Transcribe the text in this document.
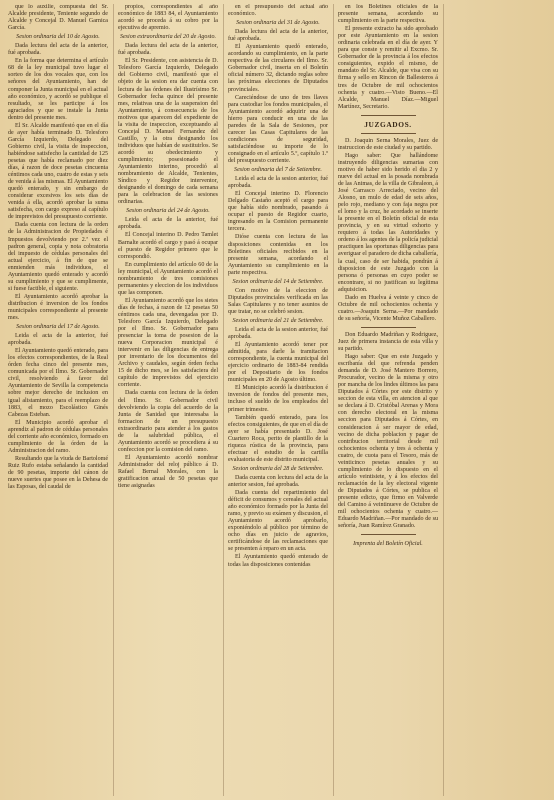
que lo auxilie, compuesta del Sr. Alcalde presidente, Teniente segundo de Alcalde y Concejal D. Manuel Garnica García.
Sesion ordinaria del 10 de Agosto.
Dada lectura del acta de la anterior, fué aprobada.
En la forma que determina el artículo 68 de la ley municipal tuvo lugar el sorteo de los dos vocales que, con los señores del Ayuntamiento, han de componer la Junta municipal en el actual año económico, y acordó se publique el resultado, se les participe á los agraciados y que se instale la Junta dentro del presente mes.
El Sr. Alcalde manifestó que en el día de ayer había terminado D. Telesforo García Izquierdo, Delegado del Gobierno civil, la visita de inspeccion, habiéndose satisfecho la cantidad de 125 pesetas que había reclamado por diez días, á razon de doce pesetas cincuenta céntimos cada uno, cuatro de estas y seis de venida á las mismas. El Ayuntamiento quedó enterado, y sin embargo de considerar excesivos los seis días de venida á ella, acordó aprobar la suma satisfecha, con cargo expreso al capítulo de imprevistos del presupuesto corriente.
Dada cuenta con lectura de la orden de la Administracion de Propiedades é Impuestos devolviendo por 2.ª vez el padron general, copia y nota cobratoria del impuesto de cédulas personales del actual ejercicio, á fin de que se enmienden más individuos, el Ayuntamiento quedó enterado y acordó su cumplimiento y que se cumplimente, si fuese factible, el siguiente.
El Ayuntamiento acordó aprobar la distribucion é inversion de los fondos municipales correspondiente al presente mes.
Sesion ordinaria del 17 de Agosto.
Leida el acta de la anterior, fué aprobada.
El Ayuntamiento quedó enterado, para los efectos correspondientes, de la Real órden fecha cinco del presente mes, comunicada por el Ilmo. Sr. Gobernador civil, resolviendo á favor del Ayuntamiento de Sevilla la competencia sobre mejor derecho de inclusion en igual alistamiento, para el reemplazo de 1883, el mozo Escolástico Ginés Cabezas Esteban.
El Municipio acordó aprobar el aprendiz al padron de cédulas personales del corriente año económico, formado en cumplimiento de la órden de la Administracion del ramo.
Resultando que la viuda de Bartolomé Ruiz Rufo estaba señalando la cantidad de 90 pesetas, importe del cánon de nueve suertes que posee en la Dehesa de las Esposas, del caudal de
propios, correspondientes al año económico de 1883 84, el Ayuntamiento acordó se proceda á su cobro por la ejecutiva de apremio.
Sesion extraordinaria del 20 de Agosto.
Dada lectura del acta de la anterior, fué aprobada.
El Sr. Presidente, con asistencia de D. Telesforo García Izquierdo, Delegado del Gobierno civil, manifestó que el objeto de la sesion era dar cuenta con lectura de las órdenes del Ilustrísimo Sr. Gobernador fecha quince del presente mes, relativas una de la suspension del Ayuntamiento, á consecuencia de los motivos que aparecen del expediente de la visita de inspeccion, exceptuando al Concejal D. Manuel Fernandez del Castillo, y la otra designando los individuos que habían de sustituirlos. Se acordó su obedecimiento y cumplimiento; posesionado el Ayuntamiento interino, procedió al nombramiento de Alcalde, Tenientes, Síndico y Regidor interventor, designando el domingo de cada semana para la celebracion de las sesiones ordinarias.
Sesion ordinaria del 24 de Agosto.
Leida el acta de la anterior, fué aprobada.
El Concejal interino D. Pedro Tamlet Barnalte acordó el cargo y pasó á ocupar el puesto de Regidor primero que le correspondió.
En cumplimiento del artículo 60 de la ley municipal, el Ayuntamiento acordó el nombramiento de tres comisiones permanentes y eleccion de los individuos que las componen.
El Ayuntamiento acordó que los sietes días de fechas, á razon de 12 pesetas 50 céntimos cada una, devengadas por D. Telesforo García Izquierdo, Delegado por el Ilmo. Sr. Gobernador para presenciar la toma de posesion de la nueva Corporacion municipal é intervenir en las diligencias de entrega por inventario de los documentos del Archivo y caudales, según órden fecha 15 de dicho mes, se les satisfaciera del capítulo de imprevistos del ejercicio corriente.
Dada cuenta con lectura de la órden del Ilmo. Sr. Gobernador civil devolviendo la copia del acuerdo de la Junta de Sanidad que interesaba la formacion de un presupuesto extraordinario para atender á los gastos de la salubridad pública, el Ayuntamiento acordó se procediera á su confeccion por la comision del ramo.
El Ayuntamiento acordó nombrar Administrador del reloj público á D. Rafael Bernal Morales, con la gratificacion anual de 50 pesetas que tiene asignadas
en el presupuesto del actual año económico.
Sesion ordinaria del 31 de Agosto.
Dada lectura del acta de la anterior, fué aprobada.
El Ayuntamiento quedó enterado, acordando su cumplimiento, en la parte respectiva de las circulares del Ilmo. Sr. Gobernador civil, inserta en el Boletín oficial número 32, dictando reglas sobre las próximas elecciones de Diputados provinciales.
Careciéndose de uno de tres llaves para custodiar los fondos municipales, el Ayuntamiento acordó adquirir una de hierro para conducir en una de las paredes de la Sala de Sesiones, por carecer las Casas Capitulares de las condiciones de seguridad, satisfaciéndose su importe de lo consignado en el artículo 5.º, capítulo 1.º del presupuesto corriente.
Sesion ordinaria del 7 de Setiembre.
Leida el acta de la sesion anterior, fué aprobada.
El Concejal interino D. Florencio Delgado Castaño aceptó el cargo para que había sido nombrado, pasando á ocupar el puesto de Regidor cuarto, ingresando en la Comision permanente tercera.
Dióse cuenta con lectura de las disposiciones contenidas en los Boletines oficiales recibidos en la presente semana, acordando el Ayuntamiento su cumplimiento en la parte respectiva.
Sesion ordinaria del 14 de Setiembre.
Con motivo de la eleccion de Diputados provinciales verificada en las Salas Capitulares y no tener asuntos de que tratar, no se celebró sesion.
Sesion ordinaria del 21 de Setiembre.
Leida el acta de la sesion anterior, fué aprobada.
El Ayuntamiento acordó tener por admitida, para darle la tramitacion correspondiente, la cuenta municipal del ejercicio ordinario de 1883-84 rendida por el Depositario de los fondos municipales en 20 de Agosto último.
El Municipio acordó la distribucion é inversion de fondos del presente mes, incluso el sueldo de los empleados del primer trimestre.
También quedó enterado, para los efectos consiguientes, de que en el día de ayer se había presentado D. José Cuartero Roca, perito de plantillo de la riqueza rústica de la provincia, para efectuar el estudio de la cartilla evaluatoria de este distrito municipal.
Sesion ordinaria del 28 de Setiembre.
Dada cuenta con lectura del acta de la anterior sesion, fué aprobada.
Dada cuenta del repartimiento del déficit de consumos y cereales del actual año económico formado por la Junta del ramo, y previo su exámen y discusion, el Ayuntamiento acordó aprobarlo, exponiéndolo al público por término de ocho días en juicio de agravios, certificándose de las reclamaciones que se presenten á reparo en un acta.
El Ayuntamiento quedó enterado de todas las disposiciones contenidas
en los Boletines oficiales de la presente semana, acordando su cumplimiento en la parte respectiva.
El presente extracto ha sido aprobado por este Ayuntamiento en la sesion ordinaria celebrada en el día de ayer. Y para que conste y remitir al Excmo. Sr. Gobernador de la provincia á los efectos consiguientes, expido el mismo, de mandato del Sr. Alcalde, que visa con su firma y sello en Rincon de Ballesteros á tres de Octubre de mil ochocientos ochenta y cuatro.—Visto Bueno.—El Alcalde, Manuel Díaz.—Miguel Martínez, Secretario.
JUZGADOS.
D. Joaquin Serna Morales, Juez de instruccion de este ciudad y su partido.
Hago saber: Que hallándome instruyendo diligencias sumarias con motivo de haber sido herido el dia 2 y nueve del actual en la posada nombrada de las Animas, de la villa de Gibraleon, á José Carrasco Arreciado, vecino del Alosno, un mulo de edad de seis años, pelo rojo, mediano y con faja negra por el lomo y la cruz, he acordado se inserte la presente en el Boletín oficial de esta provincia, y en su virtud exhorto y requiero á todas las Autoridades y ordeno á los agentes de la policía judicial practiquen las oportunas diligencias para averiguar el paradero de dicha caballería, la cual, caso de ser habida, pondrán á disposicion de este Juzgado con la persona ó personas en cuyo poder se encontrare, si no justifican su legítima adquisicion.
Dado en Huelva á veinte y cinco de Octubre de mil ochocientos ochenta y cuatro.—Joaquin Serna.—Por mandado de su señoría, Vicente Muñoz Caballero.
Don Eduardo Madriñan y Rodriguez, Juez de primera instancia de esta villa y su partido.
Hago saber: Que en este Juzgado y escribanía del que refrenda penden demanda de D. José Mantero Borrero, Procurador, vecino de la misma y otro por mancha de los lindes últimos las para Diputados á Córtes por este distrito y seccion de esta villa, en atencion al que se declara á D. Cristóbal Arenas y Mora con derecho electoral en la misma seccion para Diputados á Córtes, en consideracion á ser mayor de edad, vecino de dicha poblacion y pagar de contribucion territorial desde mil ochocientos ochenta y tres á ochenta y cuatro, de cuota para el Tesoro, más de veinticinco pesetas anuales y su cumplimiento de lo dispuesto en el artículo veintisiete, y á los efectos del reclamación de la ley electoral vigente de Diputados á Córtes, se publica el presente edicto, que firmo en Valverde del Camino á veintinueve de Octubre de mil ochocientos ochenta y cuatro.—Eduardo Madriñan.—Por mandado de su señoría, Juan Ramírez Granado.
Imprenta del Boletín Oficial.
